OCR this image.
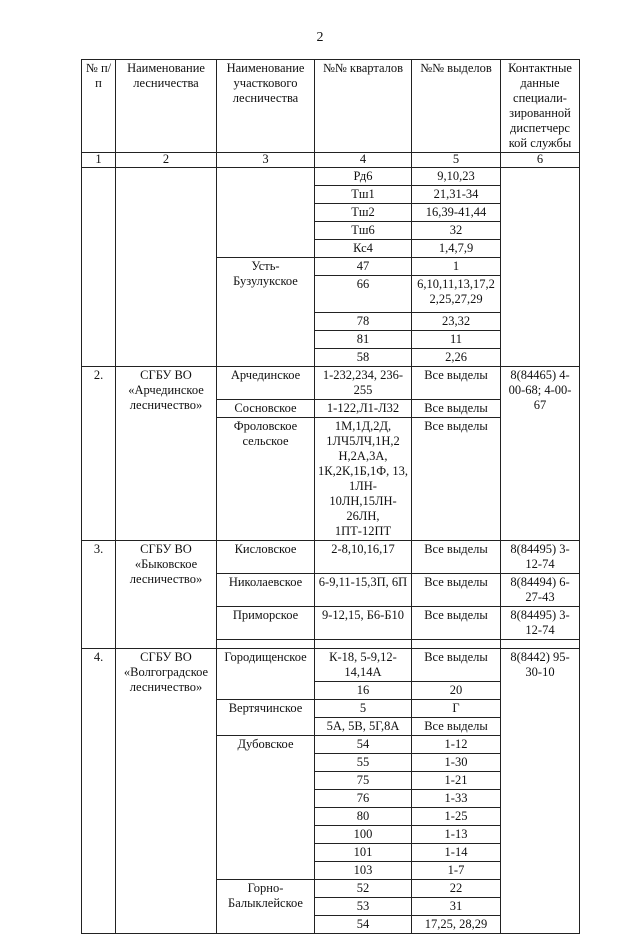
2
№ п/п	Наименование лесничества	Наименование участкового лесничества	№№ кварталов	№№ выделов	Контактные данные специали- зированной диспетчерс кой службы
1	2	3	4	5	6
			Рд6	9,10,23	
			Тш1	21,31-34	
			Тш2	16,39-41,44	
			Тш6	32	
			Кс4	1,4,7,9	
		Усть- Бузулукское	47	1	
			66	6,10,11,13,17,2 2,25,27,29	
			78	23,32	
			81	11	
			58	2,26	
2.	СГБУ ВО «Арчединское лесничество»	Арчединское	1-232,234, 236-255	Все выделы	8(84465) 4-00-68; 4-00-67
		Сосновское	1-122,Л1-Л32	Все выделы	
		Фроловское сельское	1М,1Д,2Д, 1ЛЧ5ЛЧ,1Н,2 Н,2А,3А, 1К,2К,1Б,1Ф, 13, 1ЛН- 10ЛН,15ЛН- 26ЛН, 1ПТ-12ПТ	Все выделы	
3.	СГБУ ВО «Быковское лесничество»	Кисловское	2-8,10,16,17	Все выделы	8(84495) 3-12-74
		Николаевское	6-9,11-15,3П, 6П	Все выделы	8(84494) 6-27-43
		Приморское	9-12,15, Б6-Б10	Все выделы	8(84495) 3-12-74

4.	СГБУ ВО «Волгоградское лесничество»	Городищенское	К-18, 5-9,12- 14,14А	Все выделы	8(8442) 95-30-10
			16	20	
		Вертячинское	5	Г	
			5А, 5В, 5Г,8А	Все выделы	
		Дубовское	54	1-12	
			55	1-30	
			75	1-21	
			76	1-33	
			80	1-25	
			100	1-13	
			101	1-14	
			103	1-7	
		Горно- Балыклейское	52	22	
			53	31	
			54	17,25, 28,29	
